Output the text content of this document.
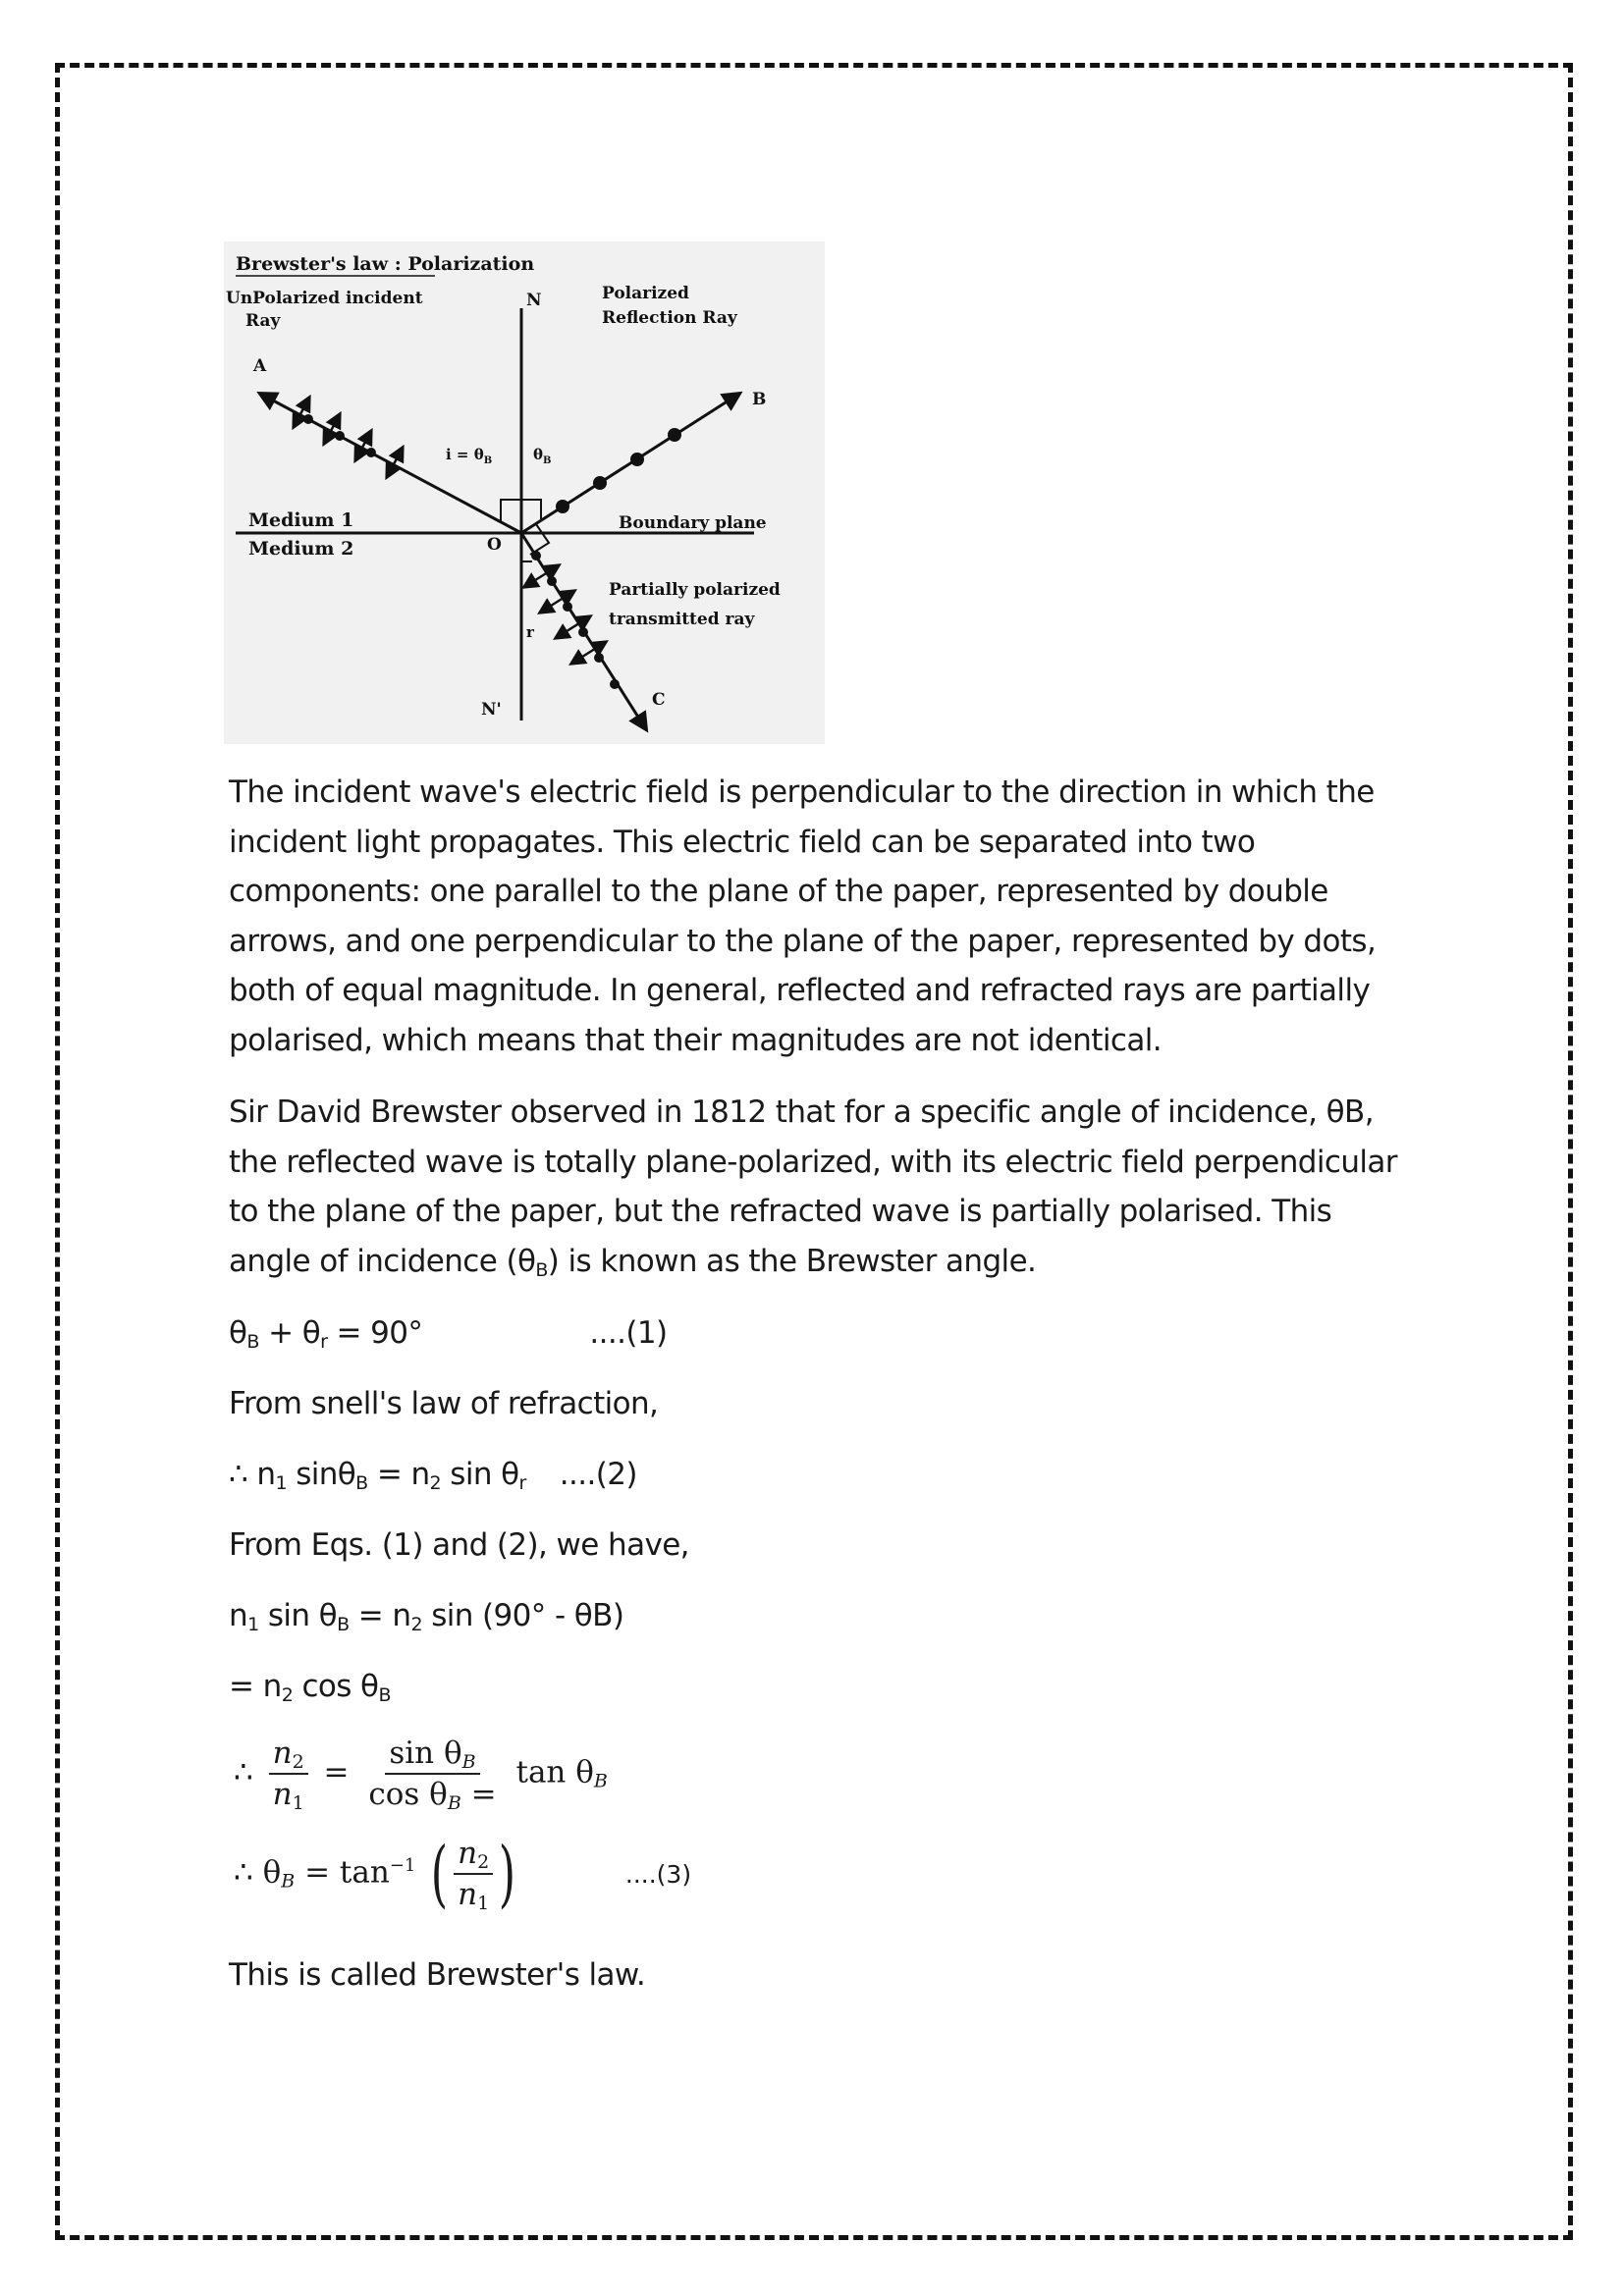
Brewster's law : Polarization
UnPolarized incident
Ray
N	Polarized
Reflection Ray
A
B
$i = \theta_B$	$\theta_B$
Medium 1
Medium 2	O
Boundary plane
Partially polarized
transmitted ray
r
N'	C

The incident wave's electric field is perpendicular to the direction in which the incident light propagates. This electric field can be separated into two components: one parallel to the plane of the paper, represented by double arrows, and one perpendicular to the plane of the paper, represented by dots, both of equal magnitude. In general, reflected and refracted rays are partially polarised, which means that their magnitudes are not identical.

Sir David Brewster observed in 1812 that for a specific angle of incidence, θB, the reflected wave is totally plane-polarized, with its electric field perpendicular to the plane of the paper, but the refracted wave is partially polarised. This angle of incidence $(\theta_B)$ is known as the Brewster angle.

$\theta_B + \theta_r = 90^\circ$	....(1)

From snell's law of refraction,

∴ $n_1$ $\sin\theta_B = n_2$ $\sin \theta_r$ ....(2)

From Eqs. (1) and (2), we have,

$n_1$ $\sin \theta_B = n_2$ sin (90° - θB)

= $n_2$ $\cos \theta_B$

∴ $\frac{n_2}{n_1} = \frac{\sin \theta_B}{\cos \theta_B =}$ $\tan \theta_B$
∴ $\theta_B = \tan^{-1}$ ( $\frac{n_2}{n_1}$ )	....(3)

This is called Brewster's law.
